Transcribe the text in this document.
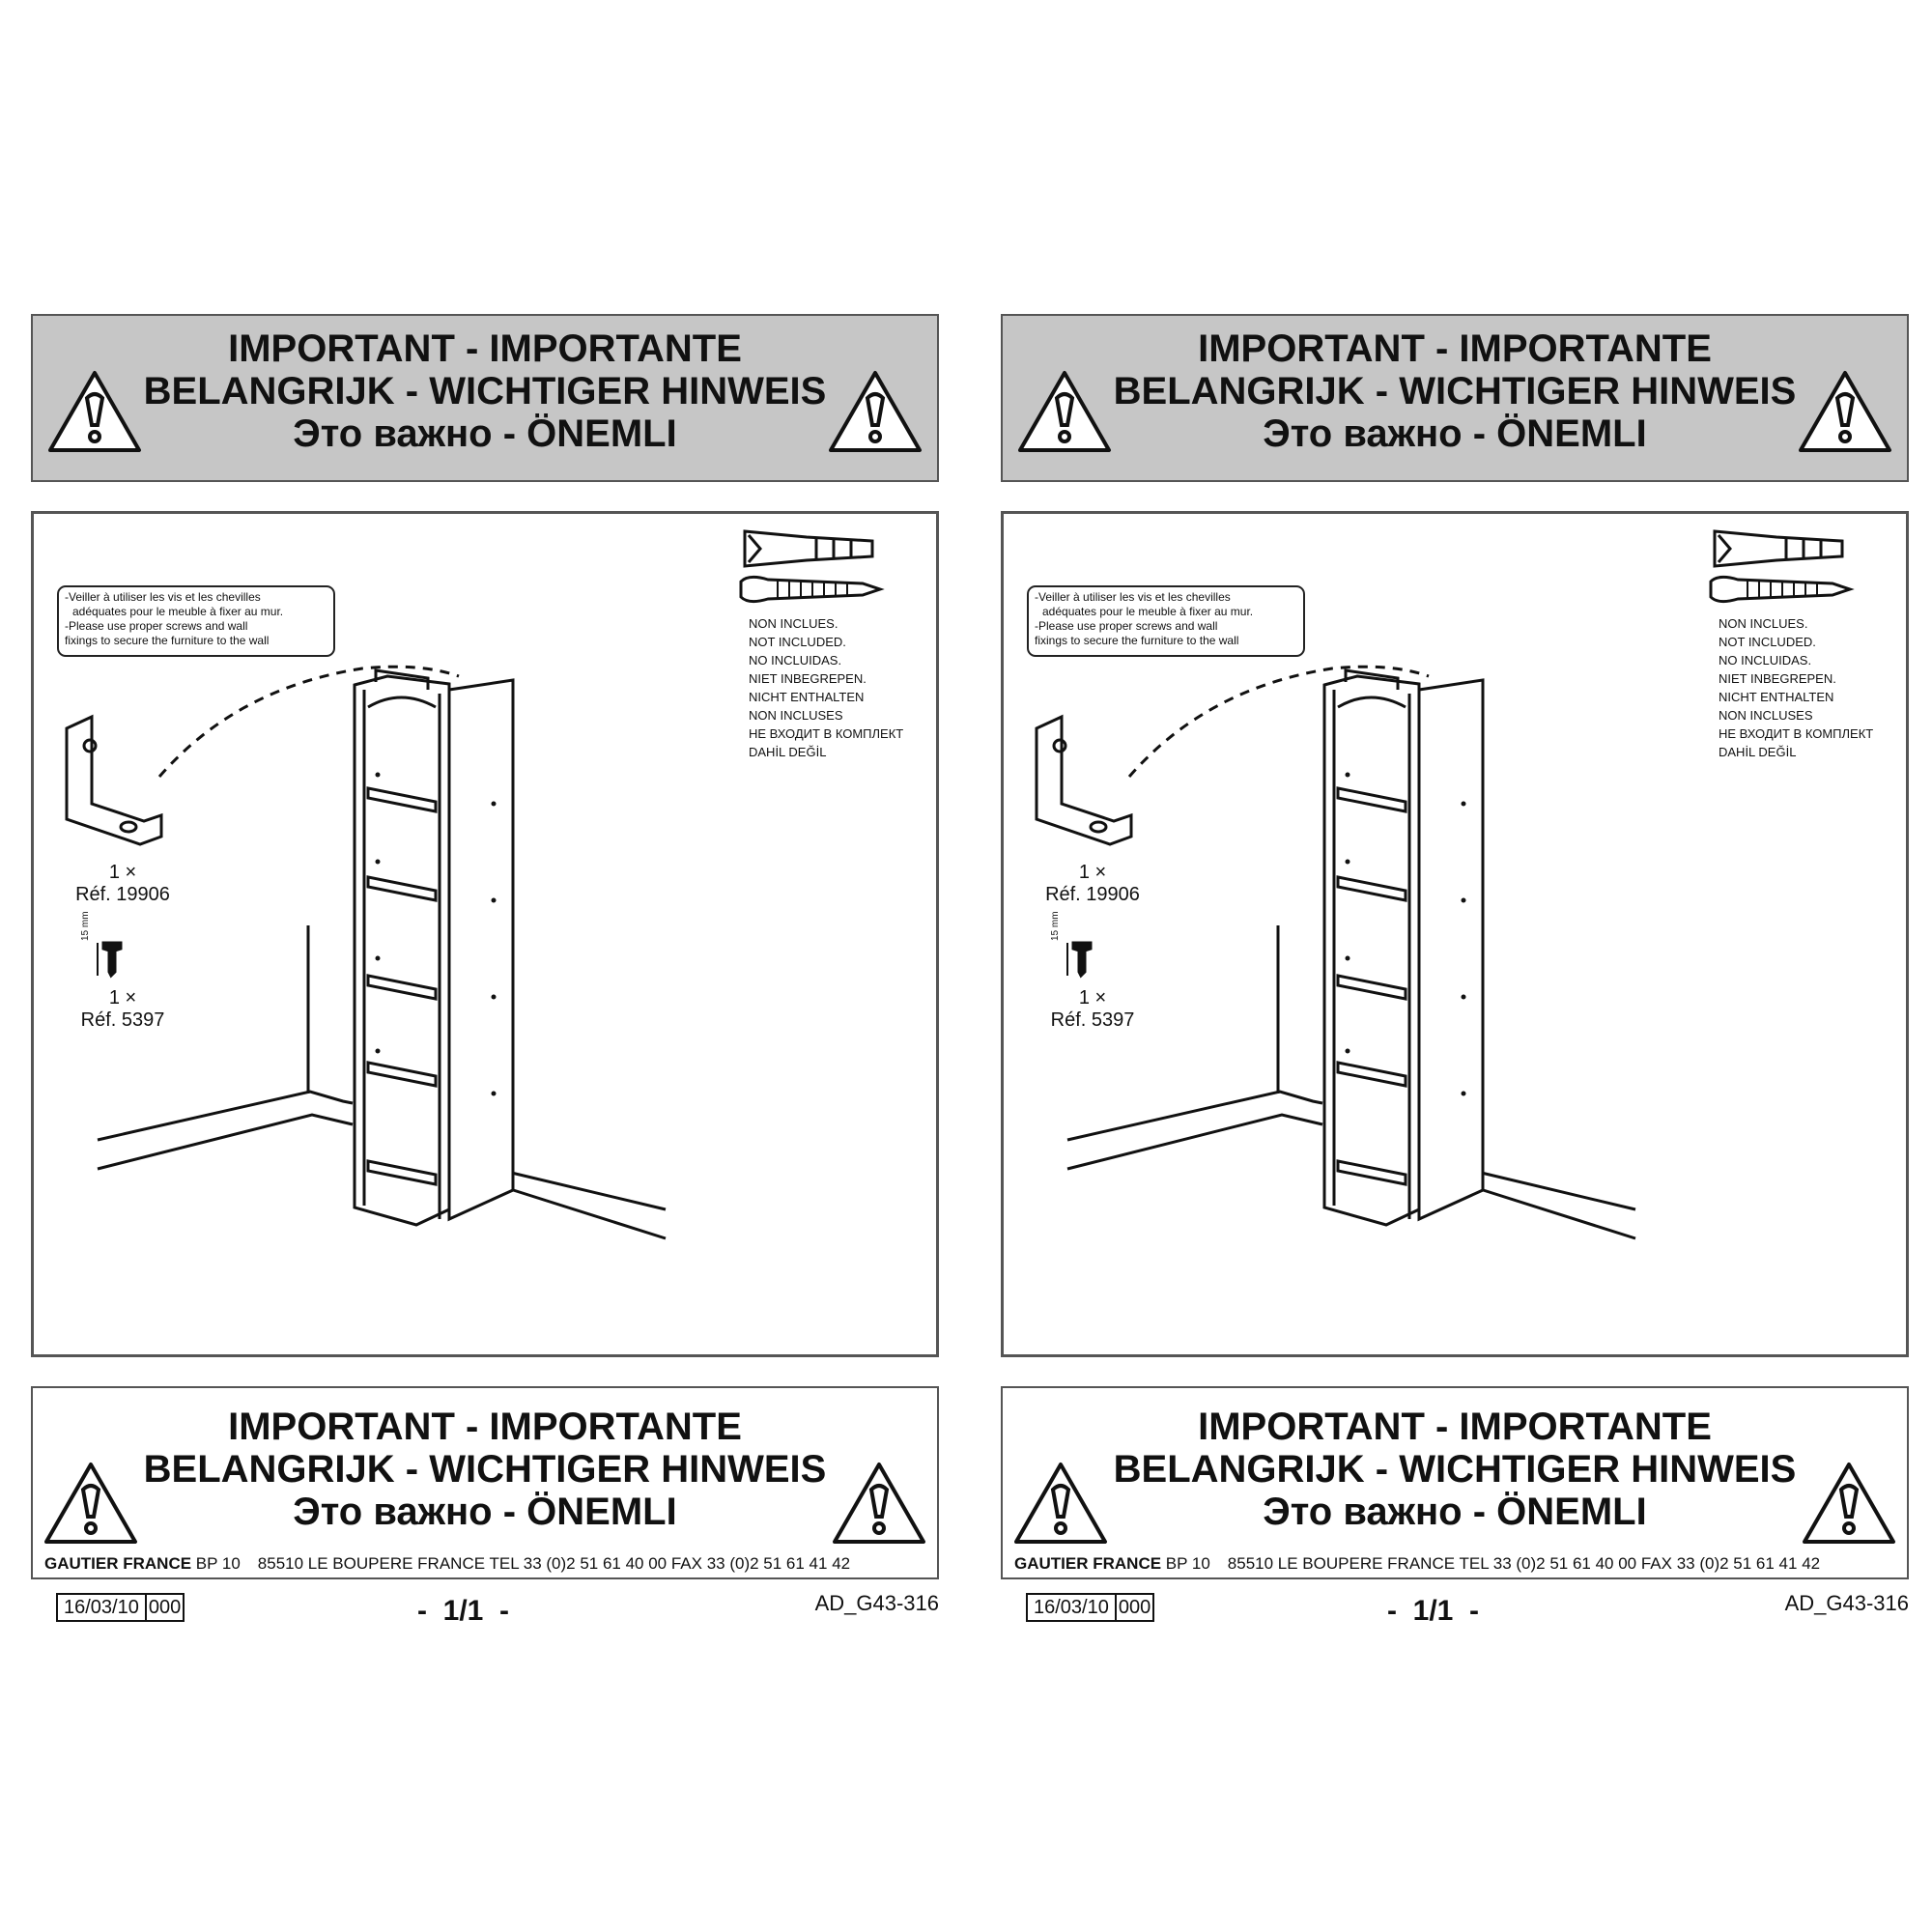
IMPORTANT - IMPORTANTE
BELANGRIJK - WICHTIGER HINWEIS
Это важно - ÖNEMLI
-Veiller à utiliser les vis et les chevilles
adéquates pour le meuble à fixer au mur.
-Please use proper screws and wall
fixings to secure the furniture to the wall
NON INCLUES.
NOT INCLUDED.
NO INCLUIDAS.
NIET INBEGREPEN.
NICHT ENTHALTEN
NON INCLUSES
НЕ ВХОДИТ В КОМПЛЕКТ
DAHİL DEĞİL
1 ×
Réf. 19906
15 mm
1 ×
Réf. 5397
IMPORTANT - IMPORTANTE
BELANGRIJK - WICHTIGER HINWEIS
Это важно - ÖNEMLI
GAUTIER FRANCE BP 10 85510 LE BOUPERE FRANCE TEL 33 (0)2 51 61 40 00 FAX 33 (0)2 51 61 41 42
16/03/10 000	-  1/1  -	AD_G43-316
IMPORTANT - IMPORTANTE
BELANGRIJK - WICHTIGER HINWEIS
Это важно - ÖNEMLI
-Veiller à utiliser les vis et les chevilles
adéquates pour le meuble à fixer au mur.
-Please use proper screws and wall
fixings to secure the furniture to the wall
NON INCLUES.
NOT INCLUDED.
NO INCLUIDAS.
NIET INBEGREPEN.
NICHT ENTHALTEN
NON INCLUSES
НЕ ВХОДИТ В КОМПЛЕКТ
DAHİL DEĞİL
1 ×
Réf. 19906
15 mm
1 ×
Réf. 5397
IMPORTANT - IMPORTANTE
BELANGRIJK - WICHTIGER HINWEIS
Это важно - ÖNEMLI
GAUTIER FRANCE BP 10 85510 LE BOUPERE FRANCE TEL 33 (0)2 51 61 40 00 FAX 33 (0)2 51 61 41 42
16/03/10 000	-  1/1  -	AD_G43-316
